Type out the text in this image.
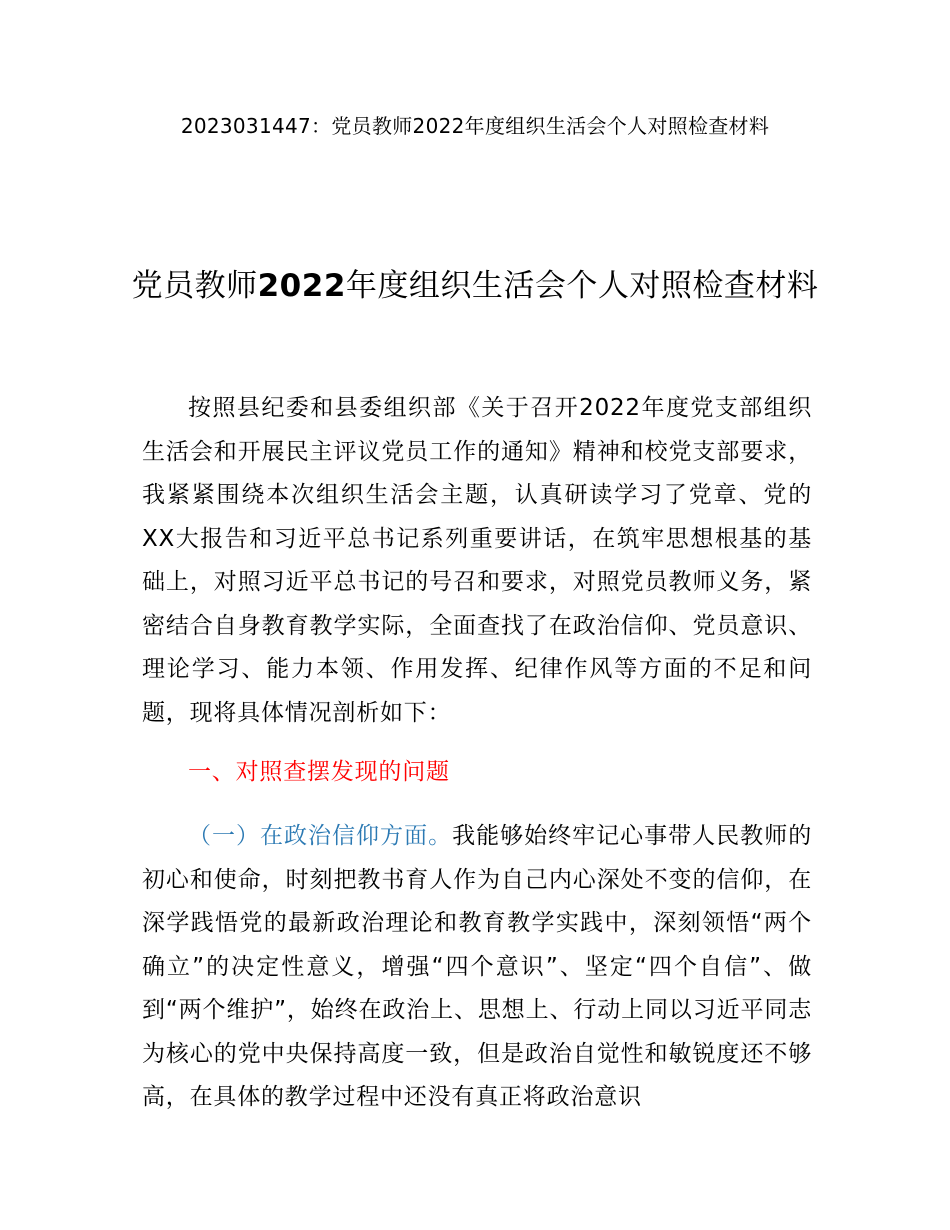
2023031447：党员教师2022年度组织生活会个人对照检查材料
党员教师2022年度组织生活会个人对照检查材料
按照县纪委和县委组织部《关于召开2022年度党支部组织生活会和开展民主评议党员工作的通知》精神和校党支部要求，我紧紧围绕本次组织生活会主题，认真研读学习了党章、党的XX大报告和习近平总书记系列重要讲话，在筑牢思想根基的基础上，对照习近平总书记的号召和要求，对照党员教师义务，紧密结合自身教育教学实际，全面查找了在政治信仰、党员意识、理论学习、能力本领、作用发挥、纪律作风等方面的不足和问题，现将具体情况剖析如下：
一、对照查摆发现的问题
（一）在政治信仰方面。我能够始终牢记心事带人民教师的初心和使命，时刻把教书育人作为自己内心深处不变的信仰，在深学践悟党的最新政治理论和教育教学实践中，深刻领悟“两个确立”的决定性意义，增强“四个意识”、坚定“四个自信”、做到“两个维护”，始终在政治上、思想上、行动上同以习近平同志为核心的党中央保持高度一致，但是政治自觉性和敏锐度还不够高，在具体的教学过程中还没有真正将政治意识
